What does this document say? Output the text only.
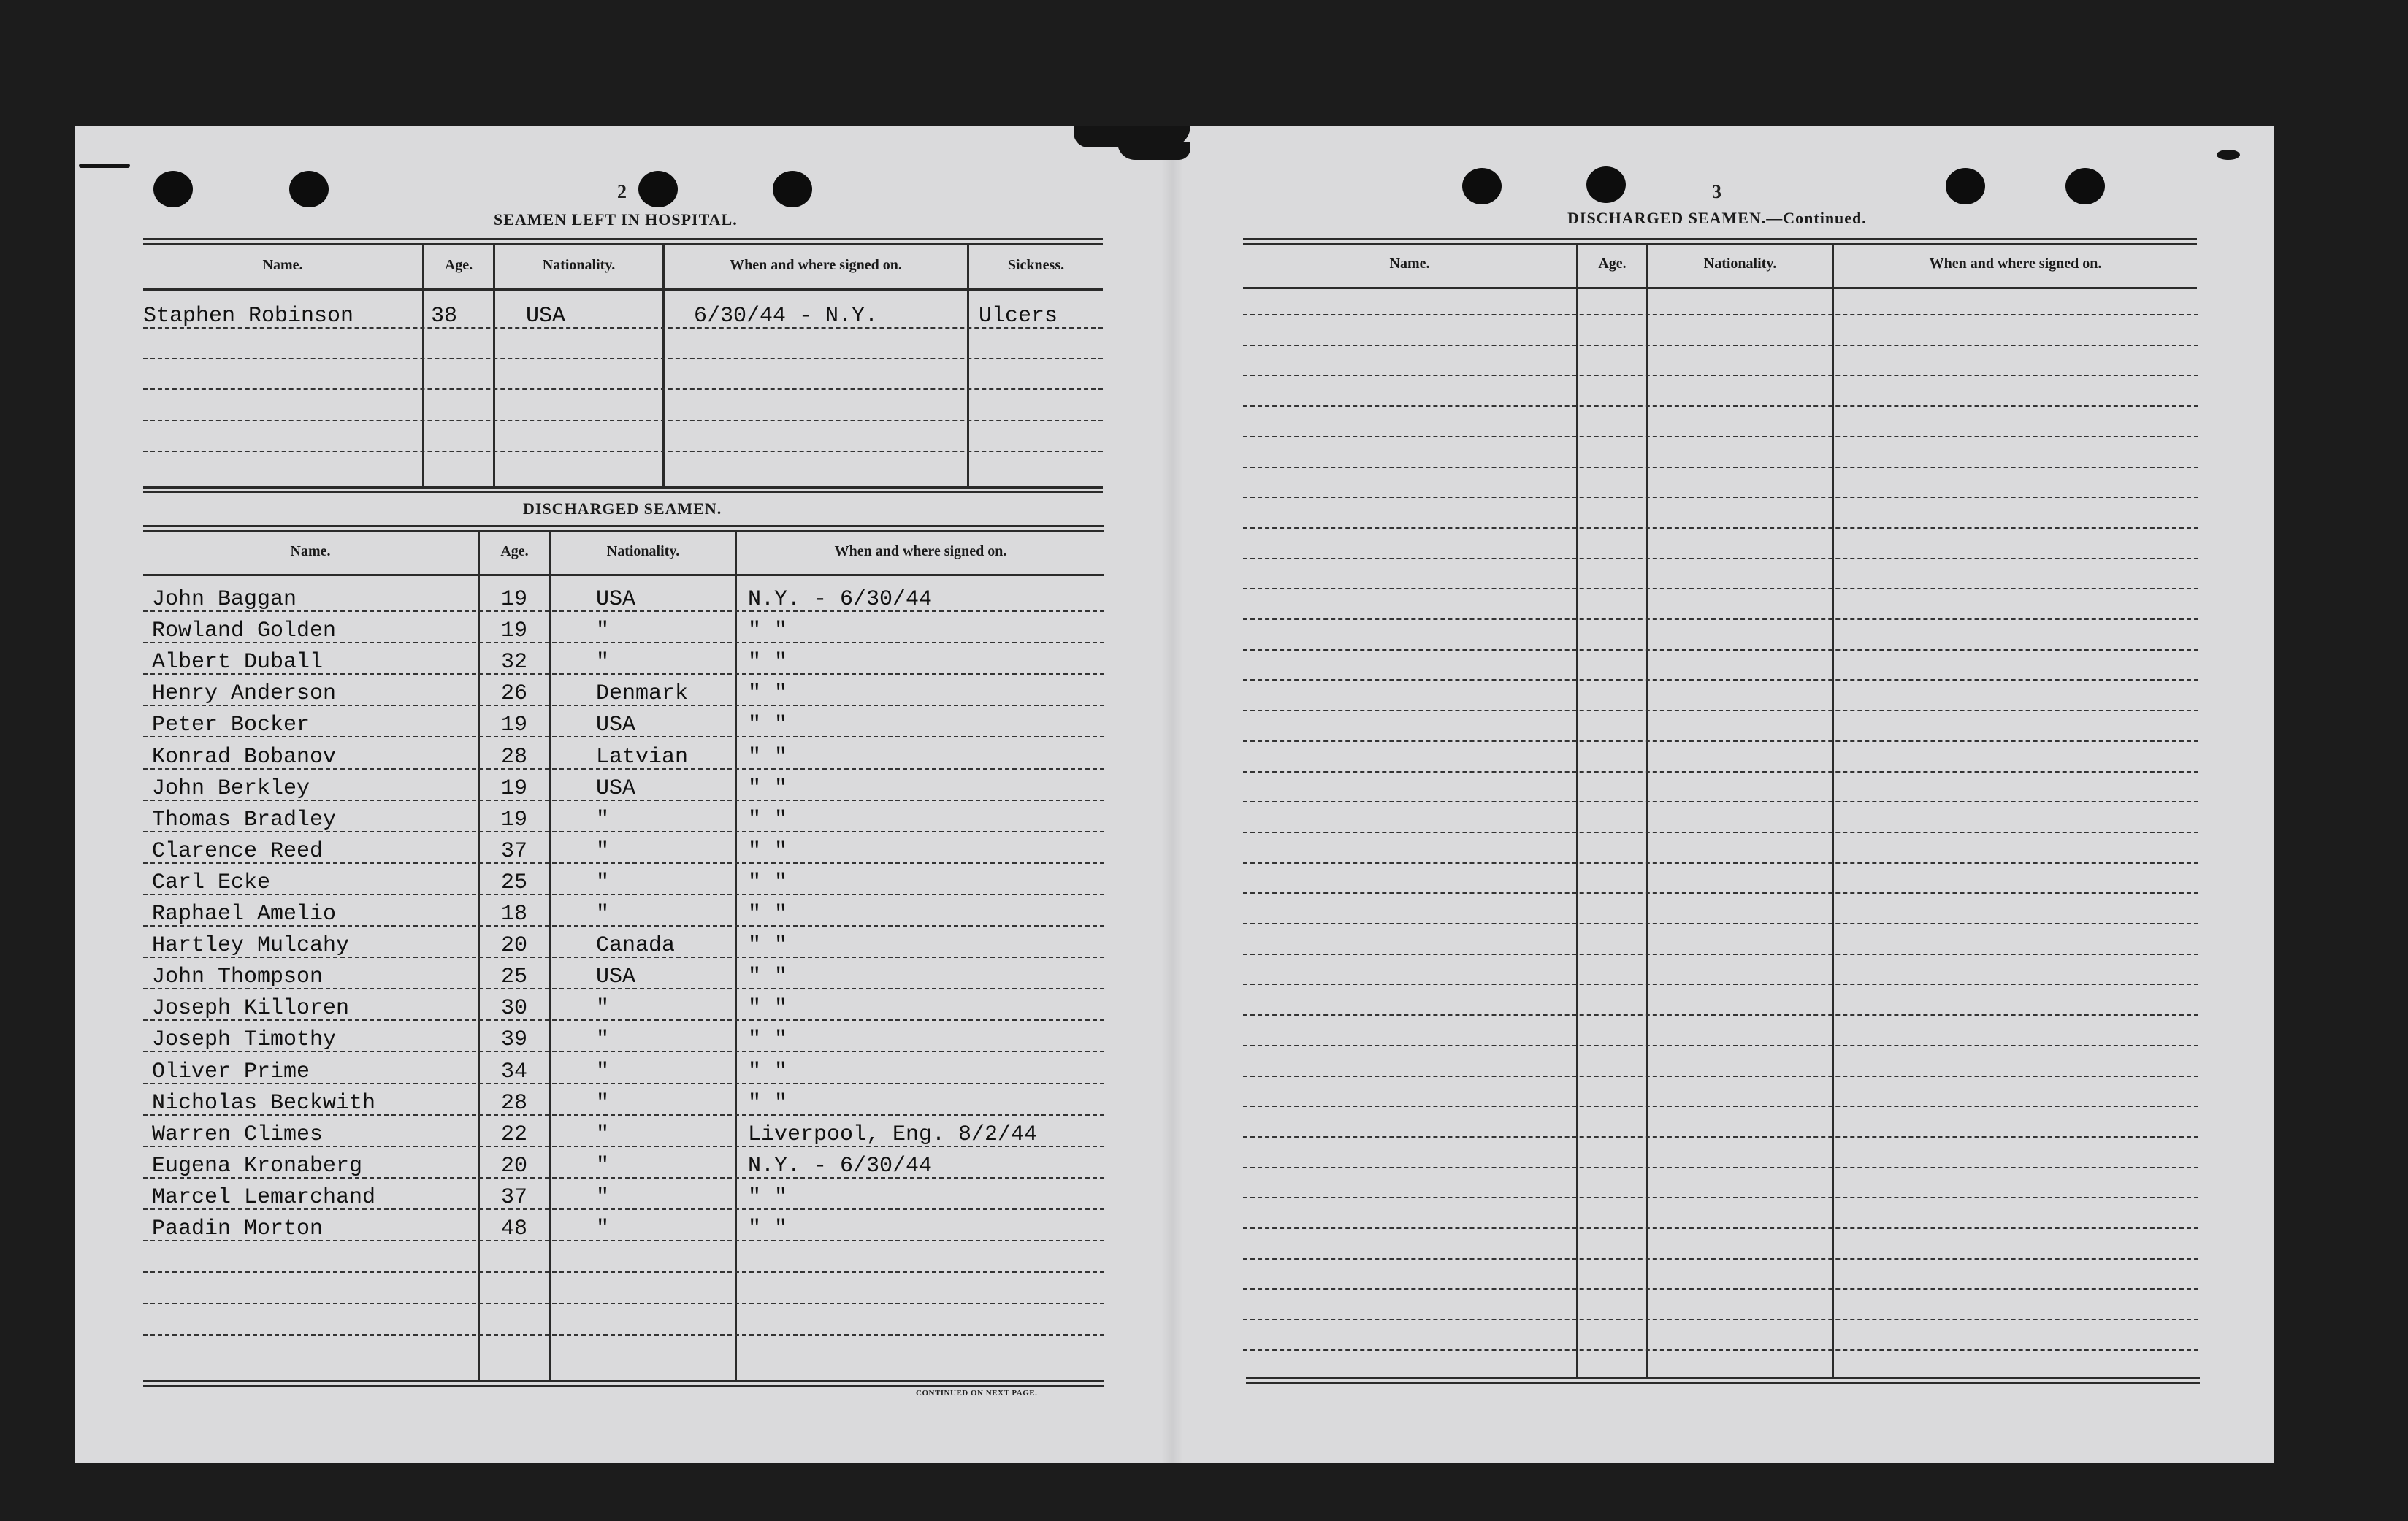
2
SEAMEN LEFT IN HOSPITAL.
Name.	Age.	Nationality.	When and where signed on.	Sickness.
Staphen Robinson	38	USA	6/30/44 - N.Y.	Ulcers
DISCHARGED SEAMEN.
Name.	Age.	Nationality.	When and where signed on.
John Baggan	19	USA	N.Y. - 6/30/44
Rowland Golden	19	"	" "
Albert Duball	32	"	" "
Henry Anderson	26	Denmark	" "
Peter Bocker	19	USA	" "
Konrad Bobanov	28	Latvian	" "
John Berkley	19	USA	" "
Thomas Bradley	19	"	" "
Clarence Reed	37	"	" "
Carl Ecke	25	"	" "
Raphael Amelio	18	"	" "
Hartley Mulcahy	20	Canada	" "
John Thompson	25	USA	" "
Joseph Killoren	30	"	" "
Joseph Timothy	39	"	" "
Oliver Prime	34	"	" "
Nicholas Beckwith	28	"	" "
Warren Climes	22	"	Liverpool, Eng. 8/2/44
Eugena Kronaberg	20	"	N.Y. - 6/30/44
Marcel Lemarchand	37	"	" "
Paadin Morton	48	"	" "
CONTINUED ON NEXT PAGE.
3
DISCHARGED SEAMEN.—Continued.
Name.	Age.	Nationality.	When and where signed on.
